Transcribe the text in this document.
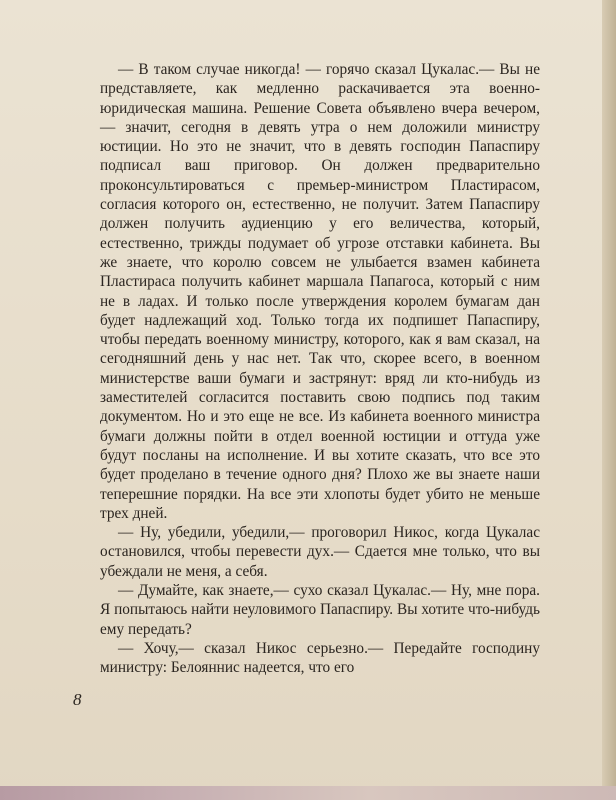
— В таком случае никогда! — горячо сказал Цукалас.— Вы не представляете, как медленно раскачивается эта военно-юридическая машина. Решение Совета объявлено вчера вечером,— значит, сегодня в девять утра о нем доложили министру юстиции. Но это не значит, что в девять господин Папаспиру подписал ваш приговор. Он должен предварительно проконсультироваться с премьер-министром Пластирасом, согласия которого он, естественно, не получит. Затем Папаспиру должен получить аудиенцию у его величества, который, естественно, трижды подумает об угрозе отставки кабинета. Вы же знаете, что королю совсем не улыбается взамен кабинета Пластираса получить кабинет маршала Папагоса, который с ним не в ладах. И только после утверждения королем бумагам дан будет надлежащий ход. Только тогда их подпишет Папаспиру, чтобы передать военному министру, которого, как я вам сказал, на сегодняшний день у нас нет. Так что, скорее всего, в военном министерстве ваши бумаги и застрянут: вряд ли кто-нибудь из заместителей согласится поставить свою подпись под таким документом. Но и это еще не все. Из кабинета военного министра бумаги должны пойти в отдел военной юстиции и оттуда уже будут посланы на исполнение. И вы хотите сказать, что все это будет проделано в течение одного дня? Плохо же вы знаете наши теперешние порядки. На все эти хлопоты будет убито не меньше трех дней.

— Ну, убедили, убедили,— проговорил Никос, когда Цукалас остановился, чтобы перевести дух.— Сдается мне только, что вы убеждали не меня, а себя.

— Думайте, как знаете,— сухо сказал Цукалас.— Ну, мне пора. Я попытаюсь найти неуловимого Папаспиру. Вы хотите что-нибудь ему передать?

— Хочу,— сказал Никос серьезно.— Передайте господину министру: Белояннис надеется, что его

8
